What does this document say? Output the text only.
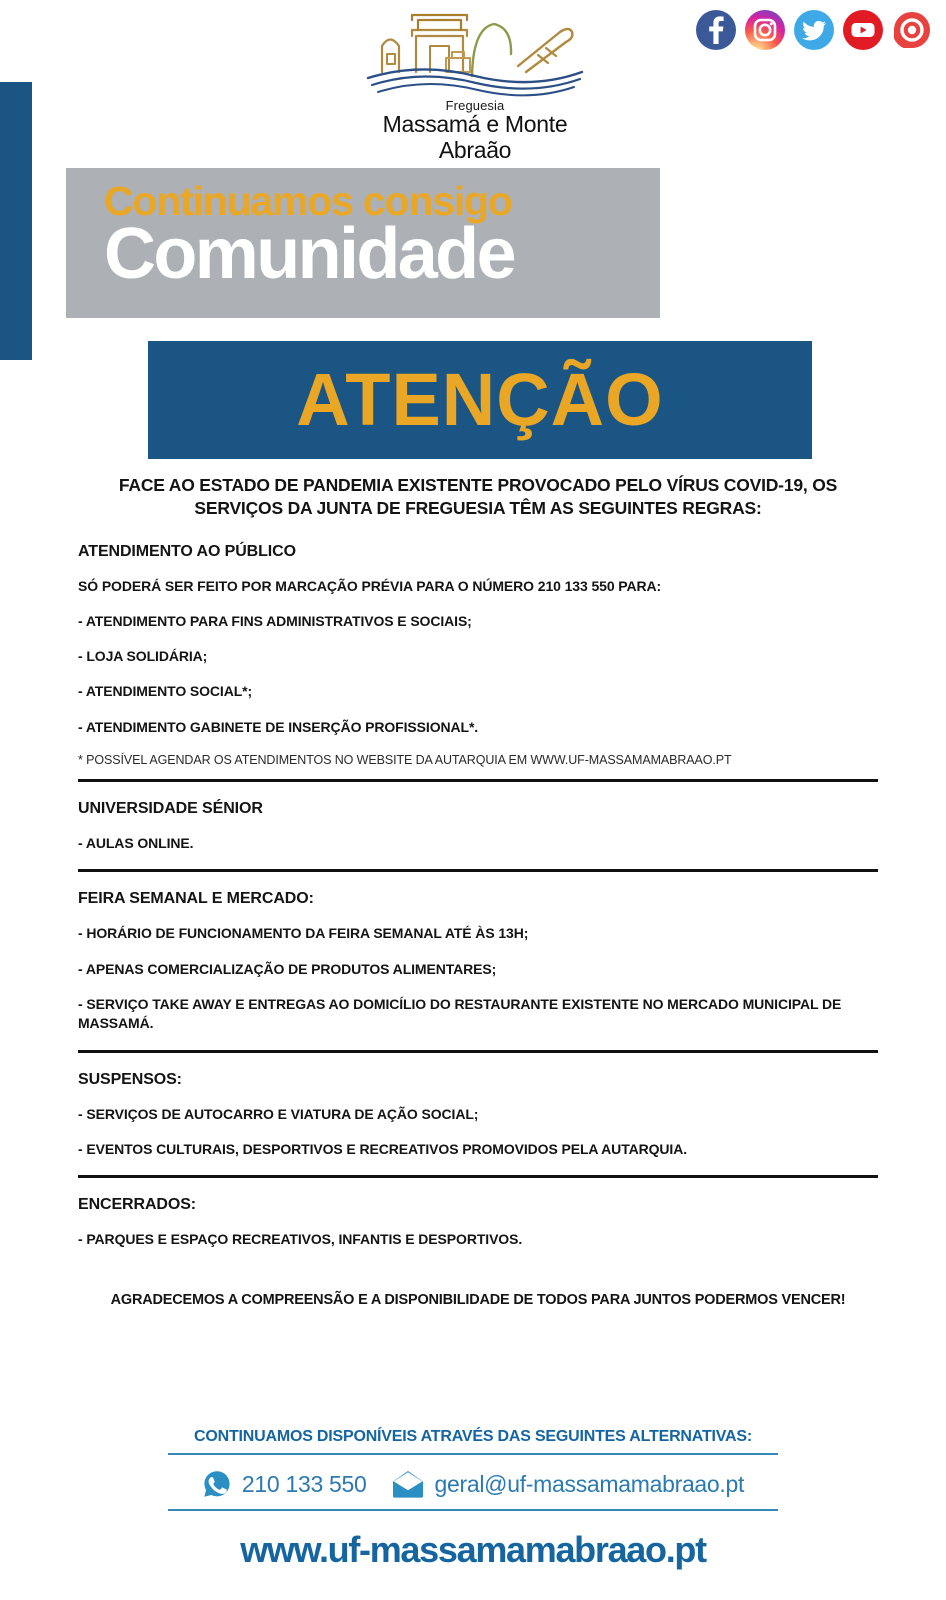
Freguesia
Massamá e Monte Abraão
Continuamos consigo
Comunidade
ATENÇÃO
FACE AO ESTADO DE PANDEMIA EXISTENTE PROVOCADO PELO VÍRUS COVID-19, OS SERVIÇOS DA JUNTA DE FREGUESIA TÊM AS SEGUINTES REGRAS:
ATENDIMENTO AO PÚBLICO
SÓ PODERÁ SER FEITO POR MARCAÇÃO PRÉVIA PARA O NÚMERO 210 133 550 PARA:
- ATENDIMENTO PARA FINS ADMINISTRATIVOS E SOCIAIS;
- LOJA SOLIDÁRIA;
- ATENDIMENTO SOCIAL*;
- ATENDIMENTO GABINETE DE INSERÇÃO PROFISSIONAL*.
* POSSÍVEL AGENDAR OS ATENDIMENTOS NO WEBSITE DA AUTARQUIA EM WWW.UF-MASSAMAMABRAAO.PT
UNIVERSIDADE SÉNIOR
- AULAS ONLINE.
FEIRA SEMANAL E MERCADO:
- HORÁRIO DE FUNCIONAMENTO DA FEIRA SEMANAL ATÉ ÀS 13H;
- APENAS COMERCIALIZAÇÃO DE PRODUTOS ALIMENTARES;
- SERVIÇO TAKE AWAY E ENTREGAS AO DOMICÍLIO DO RESTAURANTE EXISTENTE NO MERCADO MUNICIPAL DE MASSAMÁ.
SUSPENSOS:
- SERVIÇOS DE AUTOCARRO E VIATURA DE AÇÃO SOCIAL;
- EVENTOS CULTURAIS, DESPORTIVOS E RECREATIVOS PROMOVIDOS PELA AUTARQUIA.
ENCERRADOS:
- PARQUES E ESPAÇO RECREATIVOS, INFANTIS E DESPORTIVOS.
AGRADECEMOS A COMPREENSÃO E A DISPONIBILIDADE DE TODOS PARA JUNTOS PODERMOS VENCER!
CONTINUAMOS DISPONÍVEIS ATRAVÉS DAS SEGUINTES ALTERNATIVAS:
210 133 550	geral@uf-massamamabraao.pt
www.uf-massamamabraao.pt
